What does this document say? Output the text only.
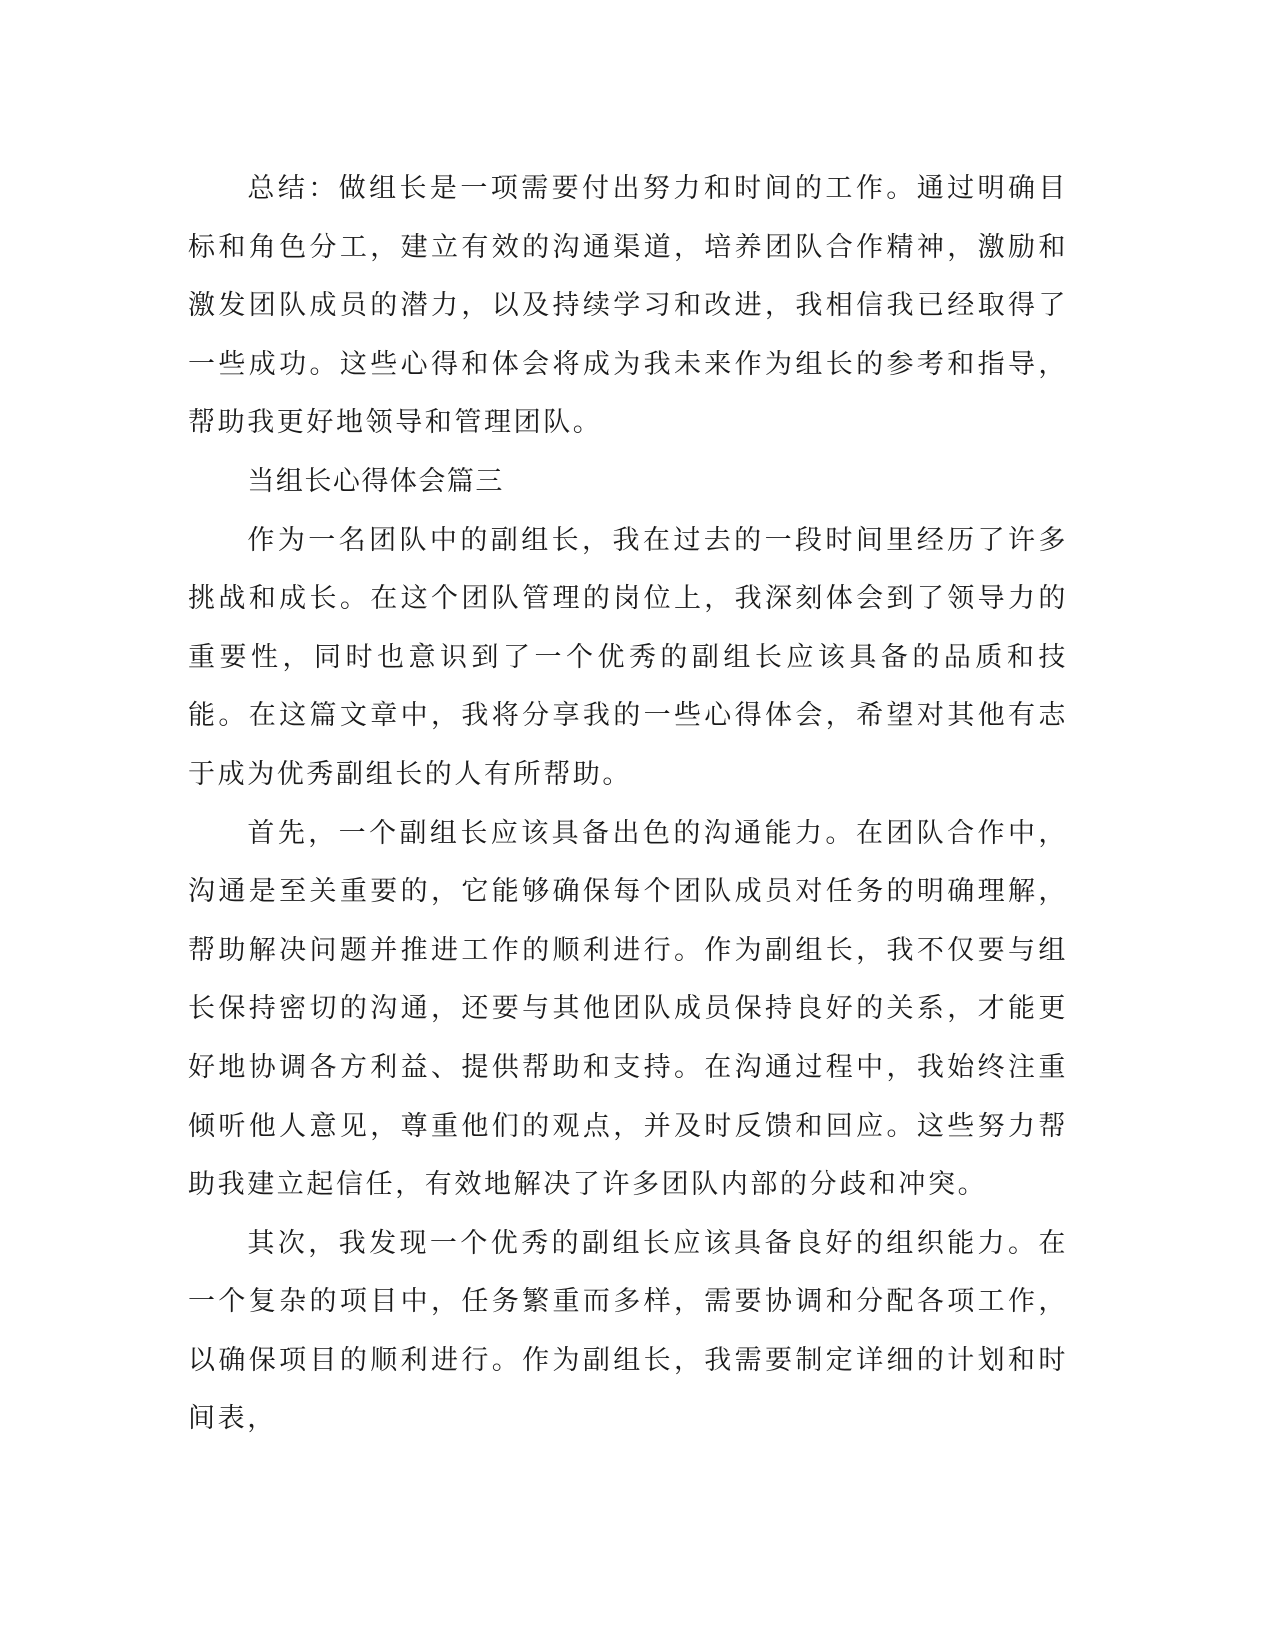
总结：做组长是一项需要付出努力和时间的工作。通过明确目标和角色分工，建立有效的沟通渠道，培养团队合作精神，激励和激发团队成员的潜力，以及持续学习和改进，我相信我已经取得了一些成功。这些心得和体会将成为我未来作为组长的参考和指导，帮助我更好地领导和管理团队。

当组长心得体会篇三

作为一名团队中的副组长，我在过去的一段时间里经历了许多挑战和成长。在这个团队管理的岗位上，我深刻体会到了领导力的重要性，同时也意识到了一个优秀的副组长应该具备的品质和技能。在这篇文章中，我将分享我的一些心得体会，希望对其他有志于成为优秀副组长的人有所帮助。

首先，一个副组长应该具备出色的沟通能力。在团队合作中，沟通是至关重要的，它能够确保每个团队成员对任务的明确理解，帮助解决问题并推进工作的顺利进行。作为副组长，我不仅要与组长保持密切的沟通，还要与其他团队成员保持良好的关系，才能更好地协调各方利益、提供帮助和支持。在沟通过程中，我始终注重倾听他人意见，尊重他们的观点，并及时反馈和回应。这些努力帮助我建立起信任，有效地解决了许多团队内部的分歧和冲突。

其次，我发现一个优秀的副组长应该具备良好的组织能力。在一个复杂的项目中，任务繁重而多样，需要协调和分配各项工作，以确保项目的顺利进行。作为副组长，我需要制定详细的计划和时间表，
